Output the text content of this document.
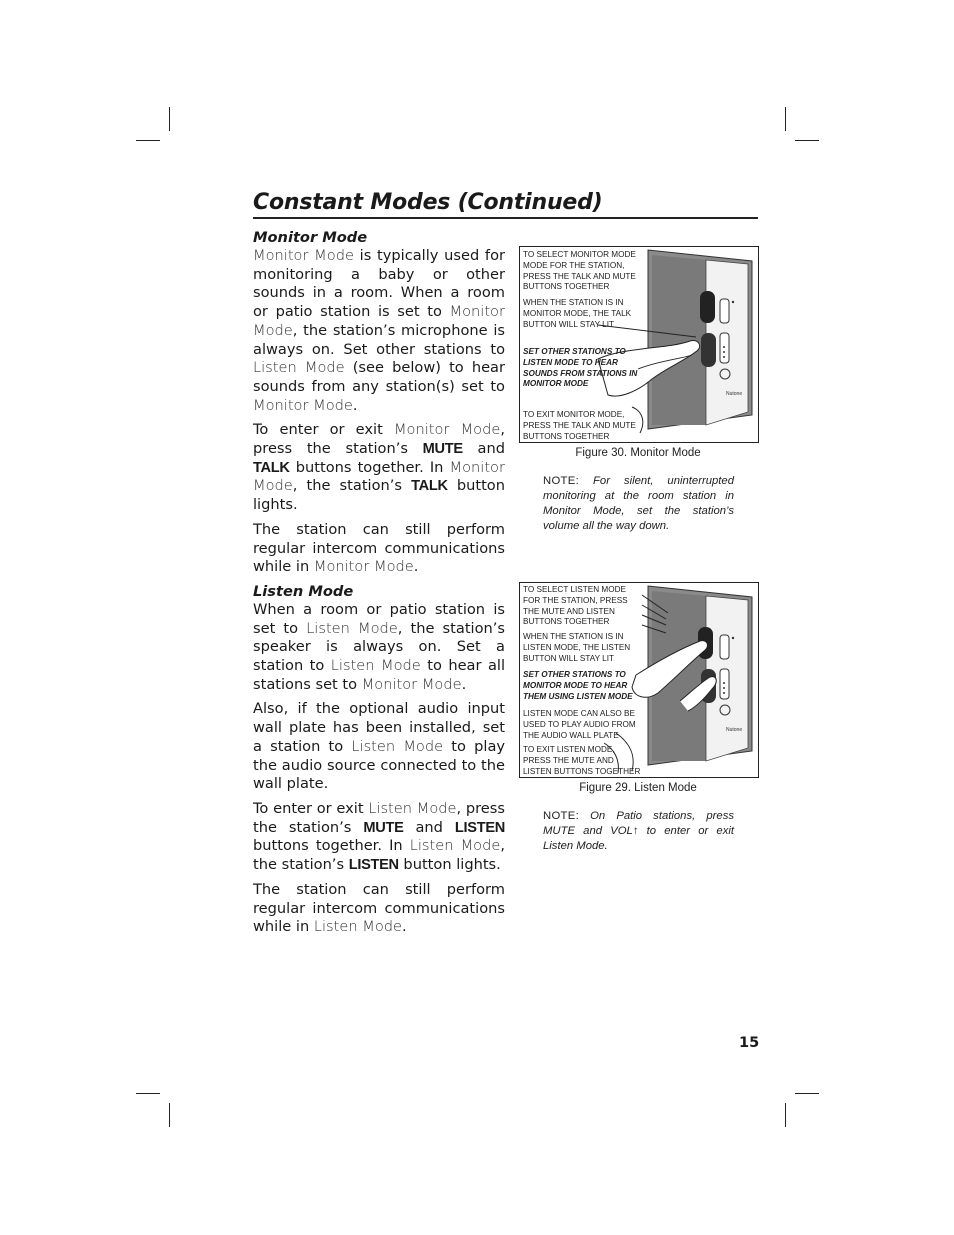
Constant Modes (Continued)
Monitor Mode

Monitor Mode is typically used for monitoring a baby or other sounds in a room. When a room or patio station is set to Monitor Mode, the station’s microphone is always on. Set other stations to Listen Mode (see below) to hear sounds from any station(s) set to Monitor Mode.

To enter or exit Monitor Mode, press the station’s MUTE and TALK buttons together. In Monitor Mode, the station’s TALK button lights.

The station can still perform regular intercom communications while in Monitor Mode.

Listen Mode

When a room or patio station is set to Listen Mode, the station’s speaker is always on. Set a station to Listen Mode to hear all stations set to Monitor Mode.

Also, if the optional audio input wall plate has been installed, set a station to Listen Mode to play the audio source connected to the wall plate.

To enter or exit Listen Mode, press the station’s MUTE and LISTEN buttons together. In Listen Mode, the station’s LISTEN button lights.

The station can still perform regular intercom communications while in Listen Mode.

Nutone
TO SELECT MONITOR MODE MODE FOR THE STATION, PRESS THE TALK AND MUTE BUTTONS TOGETHER
WHEN THE STATION IS IN MONITOR MODE, THE TALK BUTTON WILL STAY LIT
SET OTHER STATIONS TO LISTEN MODE TO HEAR SOUNDS FROM STATIONS IN MONITOR MODE
TO EXIT MONITOR MODE, PRESS THE TALK AND MUTE BUTTONS TOGETHER
Figure 30. Monitor Mode
NOTE: For silent, uninterrupted monitoring at the room station in Monitor Mode, set the station’s volume all the way down.
Nutone
TO SELECT LISTEN MODE FOR THE STATION, PRESS THE MUTE AND LISTEN BUTTONS TOGETHER
WHEN THE STATION IS IN LISTEN MODE, THE LISTEN BUTTON WILL STAY LIT
SET OTHER STATIONS TO MONITOR MODE TO HEAR THEM USING LISTEN MODE
LISTEN MODE CAN ALSO BE USED TO PLAY AUDIO FROM THE AUDIO WALL PLATE
TO EXIT LISTEN MODE, PRESS THE MUTE AND LISTEN BUTTONS TOGETHER
Figure 29. Listen Mode
NOTE: On Patio stations, press MUTE and VOL↑ to enter or exit Listen Mode.
15
